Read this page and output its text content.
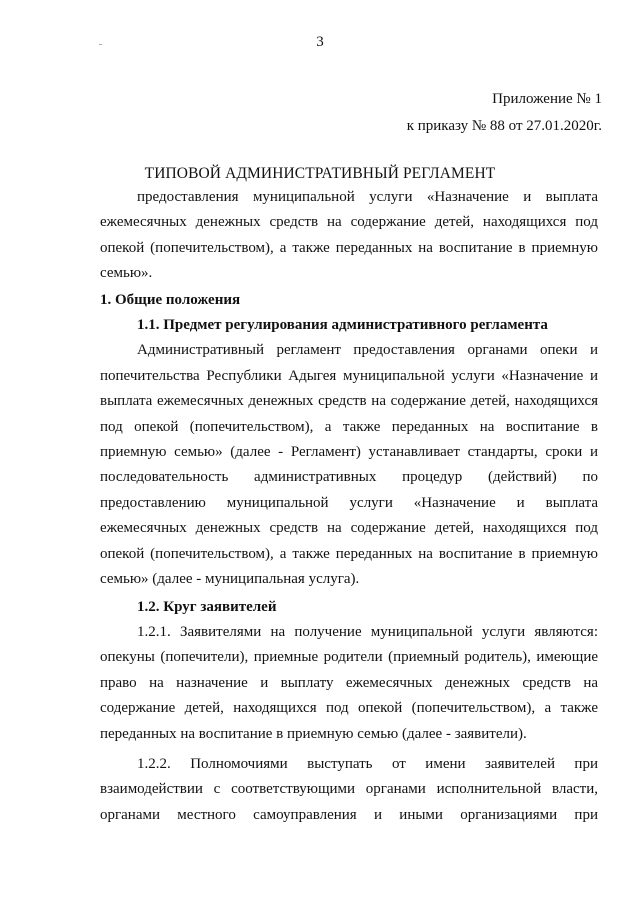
3
Приложение № 1
к приказу № 88 от 27.01.2020г.
ТИПОВОЙ АДМИНИСТРАТИВНЫЙ РЕГЛАМЕНТ

предоставления муниципальной услуги «Назначение и выплата ежемесячных денежных средств на содержание детей, находящихся под опекой (попечительством), а также переданных на воспитание в приемную семью».

1. Общие положения

1.1. Предмет регулирования административного регламента

Административный регламент предоставления органами опеки и попечительства Республики Адыгея муниципальной услуги «Назначение и выплата ежемесячных денежных средств на содержание детей, находящихся под опекой (попечительством), а также переданных на воспитание в приемную семью» (далее - Регламент) устанавливает стандарты, сроки и последовательность административных процедур (действий) по предоставлению муниципальной услуги «Назначение и выплата ежемесячных денежных средств на содержание детей, находящихся под опекой (попечительством), а также переданных на воспитание в приемную семью» (далее - муниципальная услуга).

1.2. Круг заявителей

1.2.1. Заявителями на получение муниципальной услуги являются: опекуны (попечители), приемные родители (приемный родитель), имеющие право на назначение и выплату ежемесячных денежных средств на содержание детей, находящихся под опекой (попечительством), а также переданных на воспитание в приемную семью (далее - заявители).

1.2.2. Полномочиями выступать от имени заявителей при взаимодействии с соответствующими органами исполнительной власти, органами местного самоуправления и иными организациями при
